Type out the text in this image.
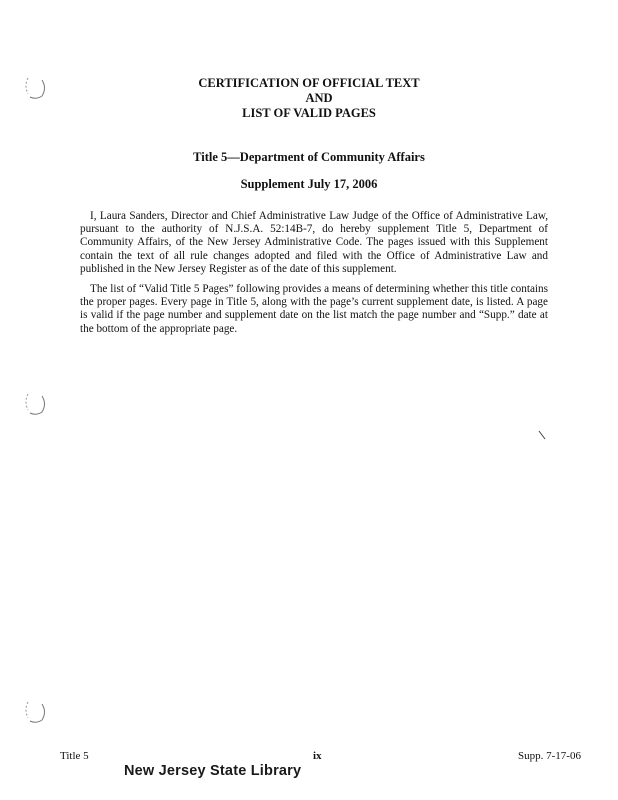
CERTIFICATION OF OFFICIAL TEXT
AND
LIST OF VALID PAGES
Title 5—Department of Community Affairs
Supplement July 17, 2006

I, Laura Sanders, Director and Chief Administrative Law Judge of the Office of Administrative Law, pursuant to the authority of N.J.S.A. 52:14B-7, do hereby supplement Title 5, Department of Community Affairs, of the New Jersey Administrative Code. The pages issued with this Supplement contain the text of all rule changes adopted and filed with the Office of Administrative Law and published in the New Jersey Register as of the date of this supplement.

The list of “Valid Title 5 Pages” following provides a means of determining whether this title contains the proper pages. Every page in Title 5, along with the page’s current supplement date, is listed. A page is valid if the page number and supplement date on the list match the page number and “Supp.” date at the bottom of the appropriate page.

Title 5	ix	Supp. 7-17-06
New Jersey State Library
